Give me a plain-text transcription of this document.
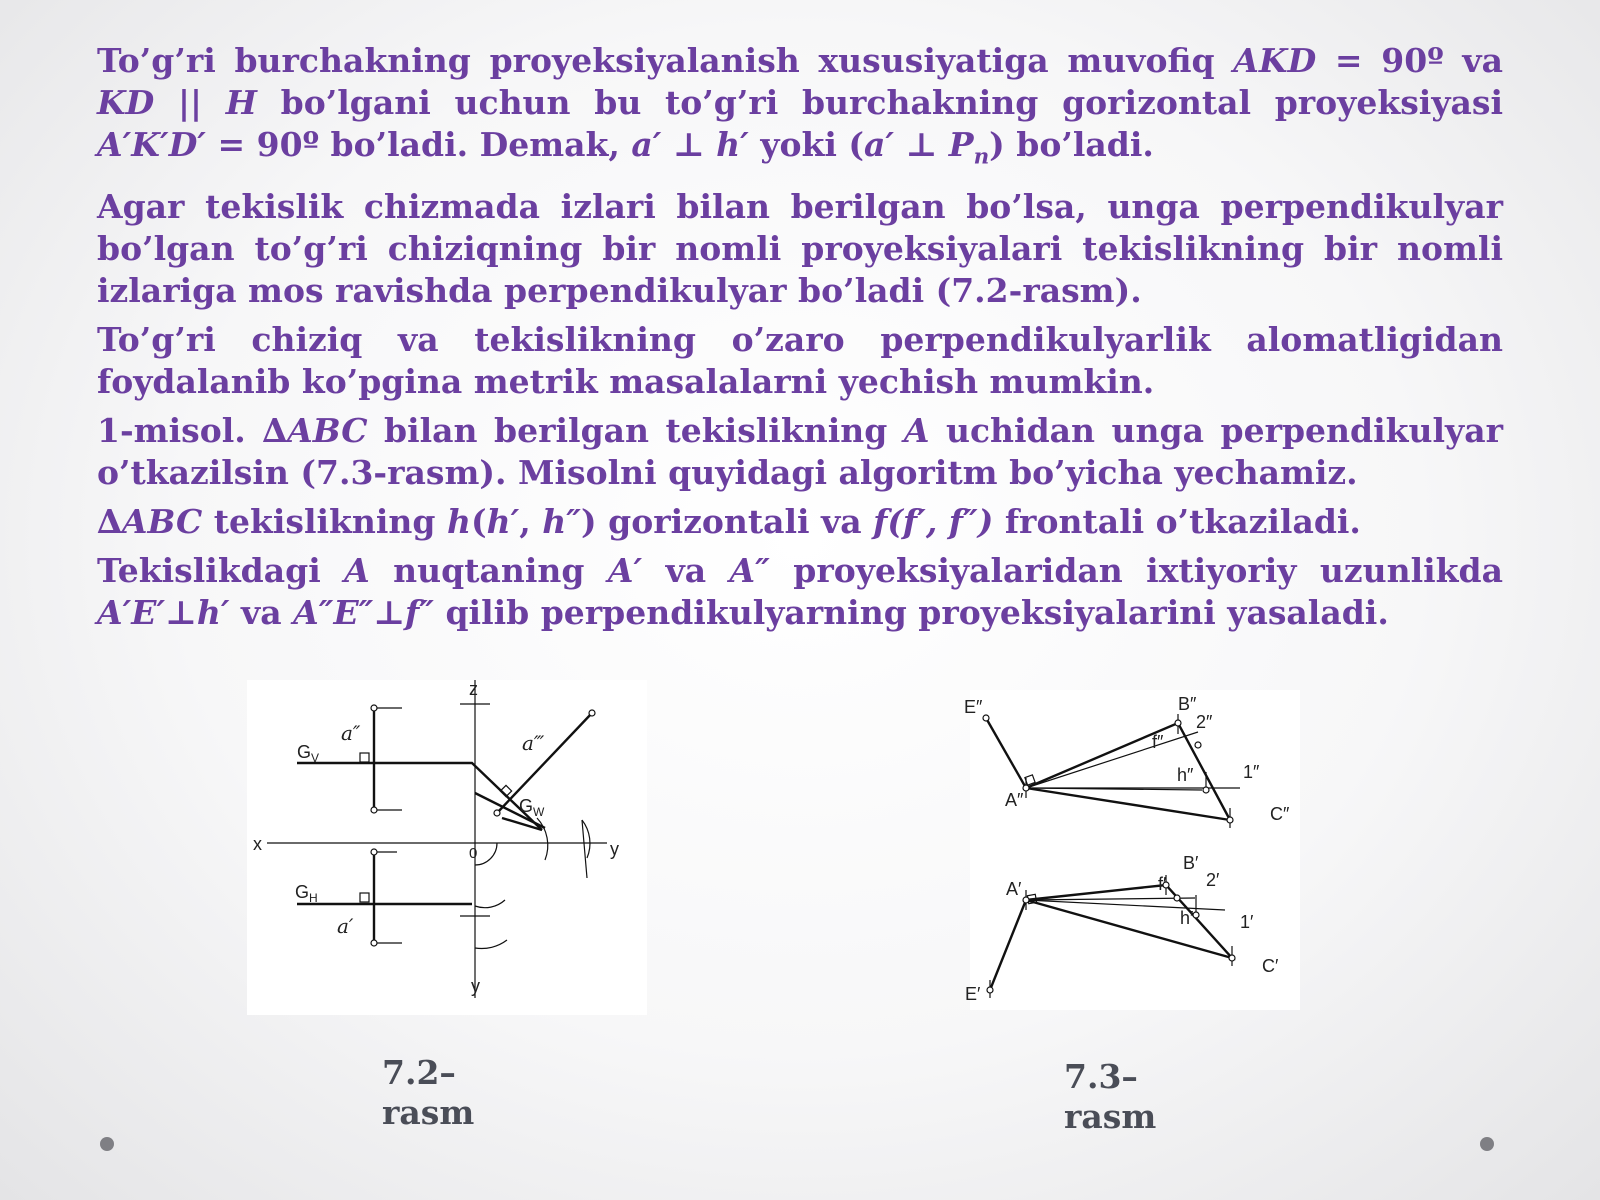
To’g’ri burchakning proyeksiyalanish xususiyatiga muvofiq AKD = 90º va KD || H bo’lgani uchun bu to’g’ri burchakning gorizontal proyeksiyasi A′K′D′ = 90º bo’ladi. Demak, a′ ⊥ h′ yoki (a′ ⊥ $P_n$) bo’ladi.

Agar tekislik chizmada izlari bilan berilgan bo’lsa, unga perpendikulyar bo’lgan to’g’ri chiziqning bir nomli proyeksiyalari tekislikning bir nomli izlariga mos ravishda perpendikulyar bo’ladi (7.2-rasm).

To’g’ri chiziq va tekislikning o’zaro perpendikulyarlik alomatligidan foydalanib ko’pgina metrik masalalarni yechish mumkin.

1-misol. ∆ABC bilan berilgan tekislikning A uchidan unga perpendikulyar o’tkazilsin (7.3-rasm). Misolni quyidagi algoritm bo’yicha yechamiz.

∆ABC tekislikning h(h′, h″) gorizontali va f(f′, f″) frontali o’tkaziladi.

Tekislikdagi A nuqtaning A′ va A″ proyeksiyalaridan ixtiyoriy uzunlikda A′E′⊥h′ va A″E″⊥f″ qilib perpendikulyarning proyeksiyalarini yasaladi.

z
x	y
y
0
$G_V$
$G_H$
$G_W$
a″
a′
a‴
E″	B″
2″
f″
h″	1″
A″
C″
B′
f′ 2′
A′
h′	1′
C′
E′
7.2–
rasm
7.3–
rasm
